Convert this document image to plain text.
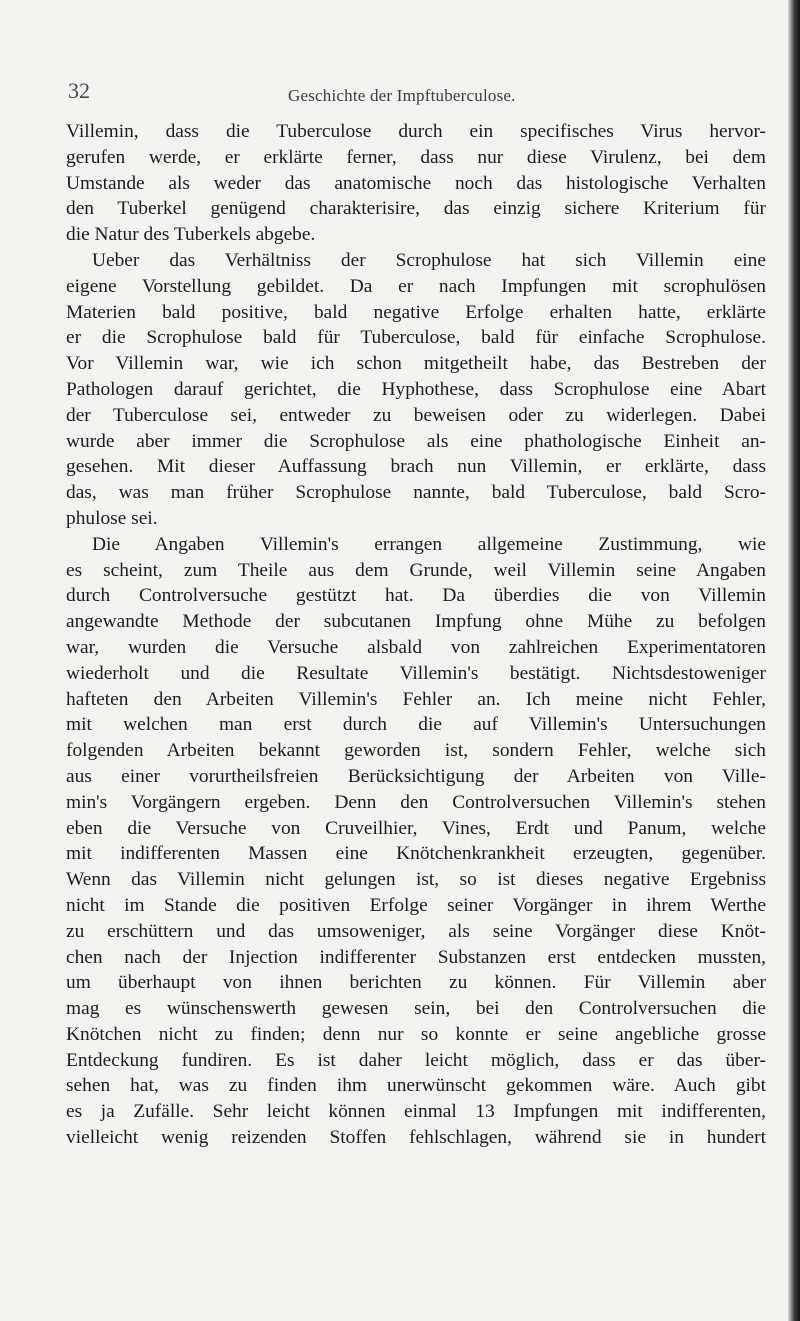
32	Geschichte der Impftuberculose.
Villemin, dass die Tuberculose durch ein specifisches Virus hervor-
gerufen werde, er erklärte ferner, dass nur diese Virulenz, bei dem
Umstande als weder das anatomische noch das histologische Verhalten
den Tuberkel genügend charakterisire, das einzig sichere Kriterium für
die Natur des Tuberkels abgebe.
Ueber das Verhältniss der Scrophulose hat sich Villemin eine
eigene Vorstellung gebildet. Da er nach Impfungen mit scrophulösen
Materien bald positive, bald negative Erfolge erhalten hatte, erklärte
er die Scrophulose bald für Tuberculose, bald für einfache Scrophulose.
Vor Villemin war, wie ich schon mitgetheilt habe, das Bestreben der
Pathologen darauf gerichtet, die Hyphothese, dass Scrophulose eine Abart
der Tuberculose sei, entweder zu beweisen oder zu widerlegen. Dabei
wurde aber immer die Scrophulose als eine phathologische Einheit an-
gesehen. Mit dieser Auffassung brach nun Villemin, er erklärte, dass
das, was man früher Scrophulose nannte, bald Tuberculose, bald Scro-
phulose sei.
Die Angaben Villemin's errangen allgemeine Zustimmung, wie
es scheint, zum Theile aus dem Grunde, weil Villemin seine Angaben
durch Controlversuche gestützt hat. Da überdies die von Villemin
angewandte Methode der subcutanen Impfung ohne Mühe zu befolgen
war, wurden die Versuche alsbald von zahlreichen Experimentatoren
wiederholt und die Resultate Villemin's bestätigt. Nichtsdestoweniger
hafteten den Arbeiten Villemin's Fehler an. Ich meine nicht Fehler,
mit welchen man erst durch die auf Villemin's Untersuchungen
folgenden Arbeiten bekannt geworden ist, sondern Fehler, welche sich
aus einer vorurtheilsfreien Berücksichtigung der Arbeiten von Ville-
min's Vorgängern ergeben. Denn den Controlversuchen Villemin's stehen
eben die Versuche von Cruveilhier, Vines, Erdt und Panum, welche
mit indifferenten Massen eine Knötchenkrankheit erzeugten, gegenüber.
Wenn das Villemin nicht gelungen ist, so ist dieses negative Ergebniss
nicht im Stande die positiven Erfolge seiner Vorgänger in ihrem Werthe
zu erschüttern und das umsoweniger, als seine Vorgänger diese Knöt-
chen nach der Injection indifferenter Substanzen erst entdecken mussten,
um überhaupt von ihnen berichten zu können. Für Villemin aber
mag es wünschenswerth gewesen sein, bei den Controlversuchen die
Knötchen nicht zu finden; denn nur so konnte er seine angebliche grosse
Entdeckung fundiren. Es ist daher leicht möglich, dass er das über-
sehen hat, was zu finden ihm unerwünscht gekommen wäre. Auch gibt
es ja Zufälle. Sehr leicht können einmal 13 Impfungen mit indifferenten,
vielleicht wenig reizenden Stoffen fehlschlagen, während sie in hundert
